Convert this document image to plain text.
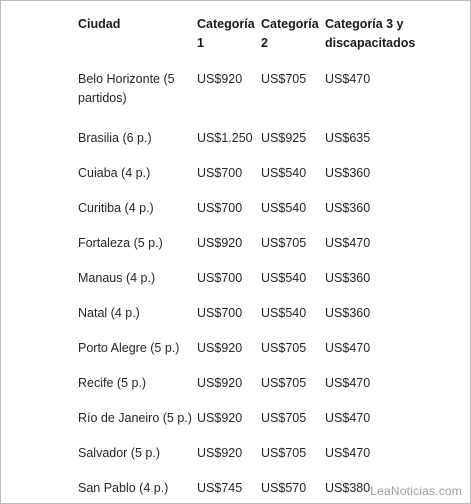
Ciudad	Categoría 1	Categoría 2	Categoría 3 y discapacitados

Belo Horizonte (5 partidos)	US$920	US$705	US$470

Brasilia (6 p.)	US$1.250	US$925	US$635

Cuiaba (4 p.)	US$700	US$540	US$360

Curitiba (4 p.)	US$700	US$540	US$360

Fortaleza (5 p.)	US$920	US$705	US$470

Manaus (4 p.)	US$700	US$540	US$360

Natal (4 p.)	US$700	US$540	US$360

Porto Alegre (5 p.)	US$920	US$705	US$470

Recife (5 p.)	US$920	US$705	US$470

Río de Janeiro (5 p.)	US$920	US$705	US$470

Salvador (5 p.)	US$920	US$705	US$470

San Pablo (4 p.)	US$745	US$570	US$380 LeaNoticias.com
